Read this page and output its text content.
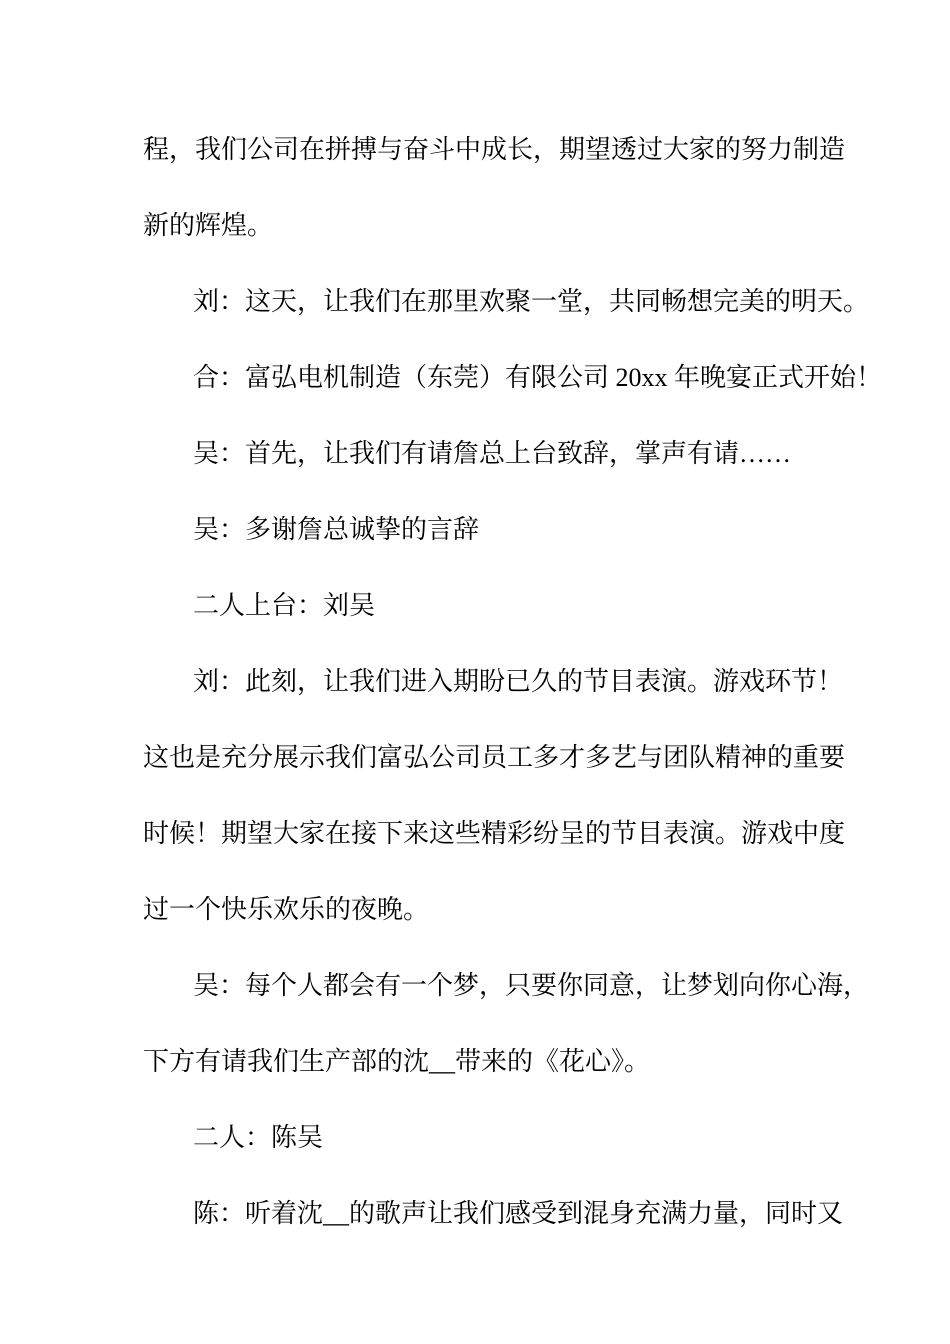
程，我们公司在拼搏与奋斗中成长，期望透过大家的努力制造
新的辉煌。
刘：这天，让我们在那里欢聚一堂，共同畅想完美的明天。
合：富弘电机制造（东莞）有限公司 20xx 年晚宴正式开始！
吴：首先，让我们有请詹总上台致辞，掌声有请……
吴：多谢詹总诚挚的言辞
二人上台：刘吴
刘：此刻，让我们进入期盼已久的节目表演。游戏环节！
这也是充分展示我们富弘公司员工多才多艺与团队精神的重要
时候！期望大家在接下来这些精彩纷呈的节目表演。游戏中度
过一个快乐欢乐的夜晚。
吴：每个人都会有一个梦，只要你同意，让梦划向你心海，
下方有请我们生产部的沈__带来的《花心》。
二人：陈吴
陈：听着沈__的歌声让我们感受到混身充满力量，同时又
